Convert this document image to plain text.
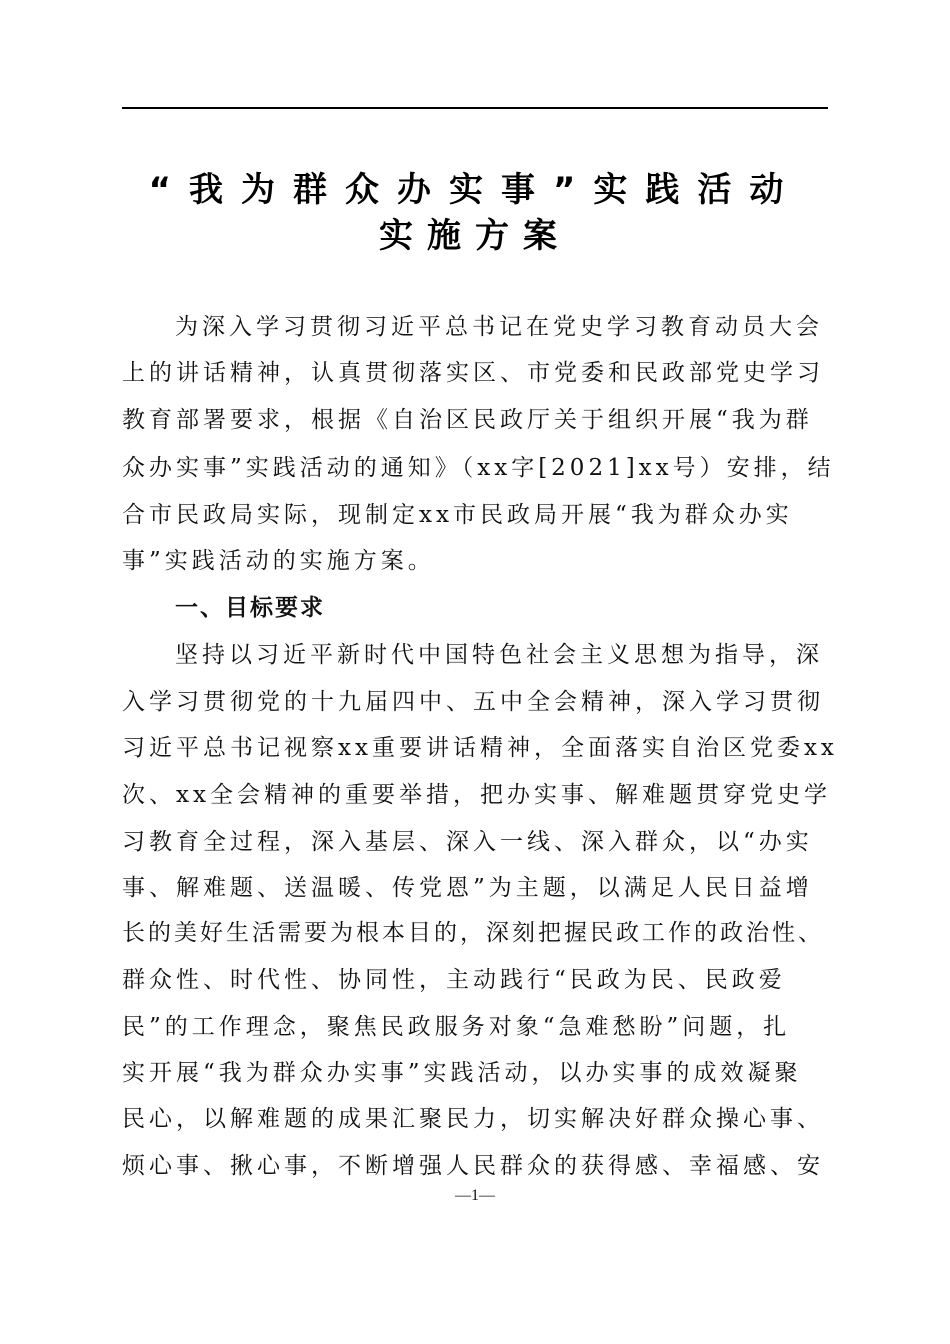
“我为群众办实事”实践活动
实施方案
为深入学习贯彻习近平总书记在党史学习教育动员大会
上的讲话精神，认真贯彻落实区、市党委和民政部党史学习
教育部署要求，根据《自治区民政厅关于组织开展“我为群
众办实事”实践活动的通知》（xx字[2021]xx号）安排，结
合市民政局实际，现制定xx市民政局开展“我为群众办实
事”实践活动的实施方案。
一、目标要求
坚持以习近平新时代中国特色社会主义思想为指导，深
入学习贯彻党的十九届四中、五中全会精神，深入学习贯彻
习近平总书记视察xx重要讲话精神，全面落实自治区党委xx
次、xx全会精神的重要举措，把办实事、解难题贯穿党史学
习教育全过程，深入基层、深入一线、深入群众，以“办实
事、解难题、送温暖、传党恩”为主题，以满足人民日益增
长的美好生活需要为根本目的，深刻把握民政工作的政治性、
群众性、时代性、协同性，主动践行“民政为民、民政爱
民”的工作理念，聚焦民政服务对象“急难愁盼”问题，扎
实开展“我为群众办实事”实践活动，以办实事的成效凝聚
民心，以解难题的成果汇聚民力，切实解决好群众操心事、
烦心事、揪心事，不断增强人民群众的获得感、幸福感、安
—1—
